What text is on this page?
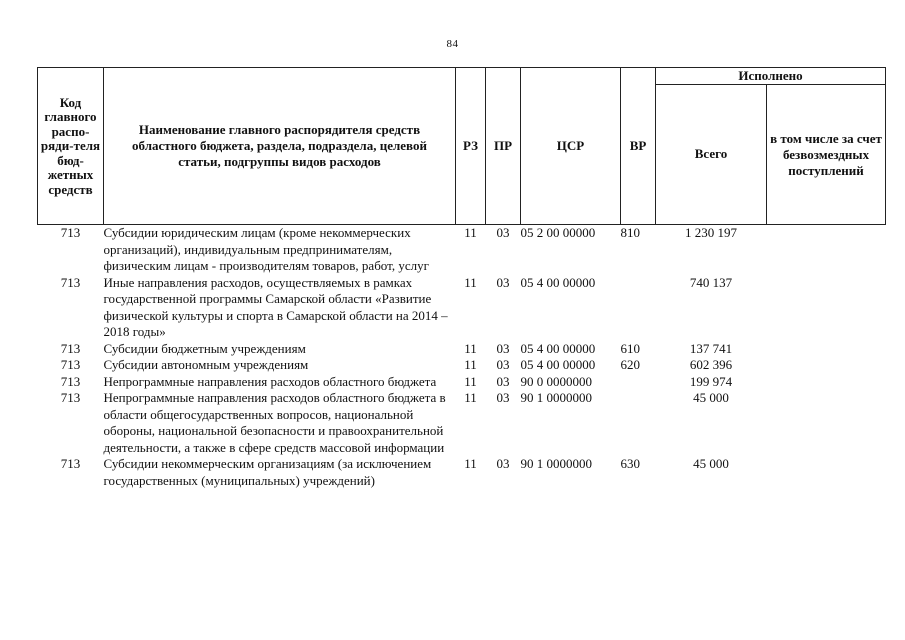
84
Код главного распо-ряди-теля бюд-жетных средств	Наименование главного распорядителя средств областного бюджета, раздела, подраздела, целевой статьи, подгруппы видов расходов	РЗ	ПР	ЦСР	ВР	Исполнено	
						Всего	в том числе за счет безвозмездных поступлений
713	Субсидии юридическим лицам (кроме некоммерческих организаций), индивидуальным предпринимателям, физическим лицам - производителям товаров, работ, услуг	11	03	05 2 00 00000	810	1 230 197	
713	Иные направления расходов, осуществляемых в рамках государственной программы Самарской области «Развитие физической культуры и спорта в Самарской области на 2014 – 2018 годы»	11	03	05 4 00 00000		740 137	
713	Субсидии бюджетным учреждениям	11	03	05 4 00 00000	610	137 741	
713	Субсидии автономным учреждениям	11	03	05 4 00 00000	620	602 396	
713	Непрограммные направления расходов областного бюджета	11	03	90 0 0000000		199 974	
713	Непрограммные направления расходов областного бюджета в области общегосударственных вопросов, национальной обороны, национальной безопасности и правоохранительной деятельности, а также в сфере средств массовой информации	11	03	90 1 0000000		45 000	
713	Субсидии некоммерческим организациям (за исключением государственных (муниципальных) учреждений)	11	03	90 1 0000000	630	45 000	
